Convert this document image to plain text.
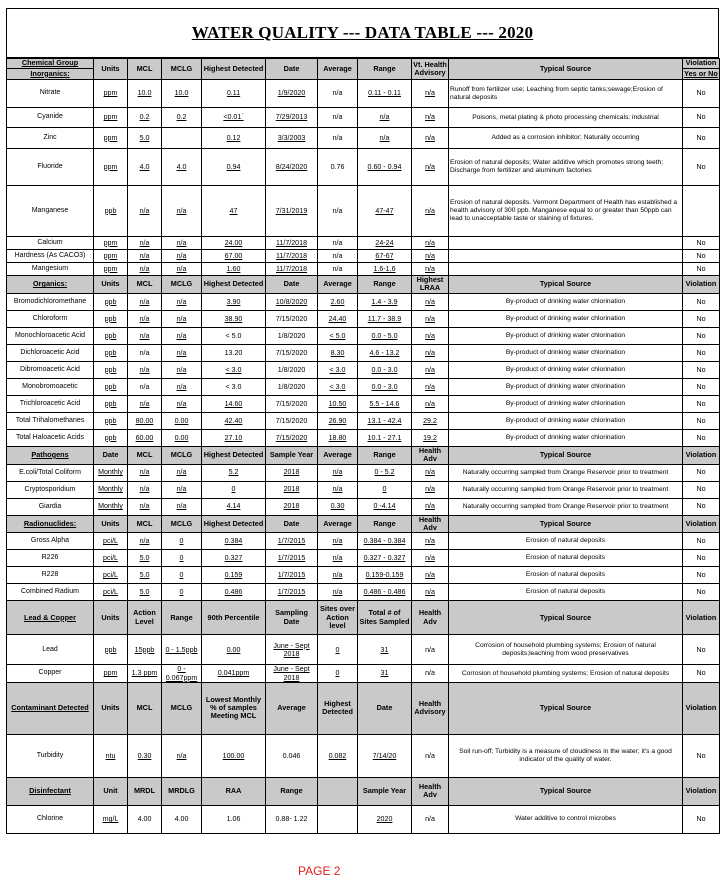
WATER QUALITY --- DATA TABLE --- 2020
Chemical Group	Units	MCL	MCLG	Highest Detected	Date	Average	Range	Vt. Health Advisory	Typical Source	Violation
Inorganics:										Yes or No
Nitrate	ppm	10.0	10.0	0.11	1/9/2020	n/a	0.11 - 0.11	n/a	Runoff from fertilizer use; Leaching from septic tanks;sewage;Erosion of natural deposits	No
Cyanide	ppm	0.2	0.2	<0.01`	7/29/2013	n/a	n/a	n/a	Poisons, metal plating & photo processing chemicals: industrial	No
Zinc	ppm	5.0		0.12	3/3/2003	n/a	n/a	n/a	Added as a corrosion inhibitor; Naturally occurring	No
Fluoride	ppm	4.0	4.0	0.94	8/24/2020	0.76	0.60 - 0.94	n/a	Erosion of natural deposits; Water additive which promotes strong teeth; Discharge from fertilizer and aluminum factories	No
Manganese	ppb	n/a	n/a	47	7/31/2019	n/a	47-47	n/a	Erosion of natural deposits. Vermont Department of Health has established a health advisory of 300 ppb. Manganese equal to or greater than 50ppb can lead to unacceptable taste or staining of fixtures.	
Calcium	ppm	n/a	n/a	24.00	11/7/2018	n/a	24-24	n/a		No
Hardness (As CACO3)	ppm	n/a	n/a	67.00	11/7/2018	n/a	67-67	n/a		No
Mangesium	ppm	n/a	n/a	1.60	11/7/2018	n/a	1.6-1.6	n/a		No
Organics:	Units	MCL	MCLG	Highest Detected	Date	Average	Range	Highest LRAA	Typical Source	Violation
Bromodichloromethane	ppb	n/a	n/a	3.90	10/8/2020	2.60	1.4 - 3.9	n/a	By-product of drinking water chlorination	No
Chloroform	ppb	n/a	n/a	38.90	7/15/2020	24.40	11.7 - 38.9	n/a	By-product of drinking water chlorination	No
Monochloroacetic Acid	ppb	n/a	n/a	< 5.0	1/8/2020	< 5.0	0.0 - 5.0	n/a	By-product of drinking water chlorination	No
Dichloroacetic Acid	ppb	n/a	n/a	13.20	7/15/2020	8.30	4.6 - 13.2	n/a	By-product of drinking water chlorination	No
Dibromoacetic Acid	ppb	n/a	n/a	< 3.0	1/8/2020	< 3.0	0.0 - 3.0	n/a	By-product of drinking water chlorination	No
Monobromoacetic	ppb	n/a	n/a	< 3.0	1/8/2020	< 3.0	0.0 - 3.0	n/a	By-product of drinking water chlorination	No
Trichloroacetic Acid	ppb	n/a	n/a	14.60	7/15/2020	10.50	5.5 - 14.6	n/a	By-product of drinking water chlorination	No
Total Trihalomethanes	ppb	80.00	0.00	42.40	7/15/2020	26.90	13.1 - 42.4	29.2	By-product of drinking water chlorination	No
Total Haloacetic Acids	ppb	60.00	0.00	27.10	7/15/2020	18.80	10.1 - 27.1	19.2	By-product of drinking water chlorination	No
Pathogens	Date	MCL	MCLG	Highest Detected	Sample Year	Average	Range	Health Adv	Typical Source	Violation
E.coli/Total Coliform	Monthly	n/a	n/a	5.2	2018	n/a	0 - 5.2	n/a	Naturally occurring sampled from Orange Reservoir prior to treatment	No
Cryptosporidium	Monthly	n/a	n/a	0	2018	n/a	0	n/a	Naturally occurring sampled from Orange Reservoir prior to treatment	No
Giardia	Monthly	n/a	n/a	4.14	2018	0.30	0 -4.14	n/a	Naturally occurring sampled from Orange Reservoir prior to treatment	No
Radionuclides:	Units	MCL	MCLG	Highest Detected	Date	Average	Range	Health Adv	Typical Source	Violation
Gross Alpha	pci/L	n/a	0	0.384	1/7/2015	n/a	0.384 - 0.384	n/a	Erosion of natural deposits	No
R226	pci/L	5.0	0	0.327	1/7/2015	n/a	0.327 - 0.327	n/a	Erosion of natural deposits	No
R228	pci/L	5.0	0	0.159	1/7/2015	n/a	0.159-0.159	n/a	Erosion of natural deposits	No
Combined Radium	pci/L	5.0	0	0.486	1/7/2015	n/a	0.486 - 0.486	n/a	Erosion of natural deposits	No
Lead & Copper	Units	Action Level	Range	90th Percentile	Sampling Date	Sites over Action level	Total # of Sites Sampled	Health Adv	Typical Source	Violation
Lead	ppb	15ppb	0 - 1.5ppb	0.00	June - Sept 2018	0	31	n/a	Corrosion of household plumbing systems; Erosion of natural deposits;leaching from wood preservatives	No
Copper	ppm	1.3 ppm	0 - 0.067ppm	0.041ppm	June - Sept 2018	0	31	n/a	Corrosion of household plumbing systems; Erosion of natural deposits	No
Contaminant Detected	Units	MCL	MCLG	Lowest Monthly % of samples Meeting MCL	Average	Highest Detected	Date	Health Advisory	Typical Source	Violation
Turbidity	ntu	0.30	n/a	100.00	0.046	0.082	7/14/20	n/a	Soil run-off; Turbidity is a measure of cloudiness in the water; it's a good indicator of the quality of water.	No
Disinfectant	Unit	MRDL	MRDLG	RAA	Range		Sample Year	Health Adv	Typical Source	Violation
Chlorine	mg/L	4.00	4.00	1.06	0.88- 1.22		2020	n/a	Water additive to control microbes	No
PAGE 2
